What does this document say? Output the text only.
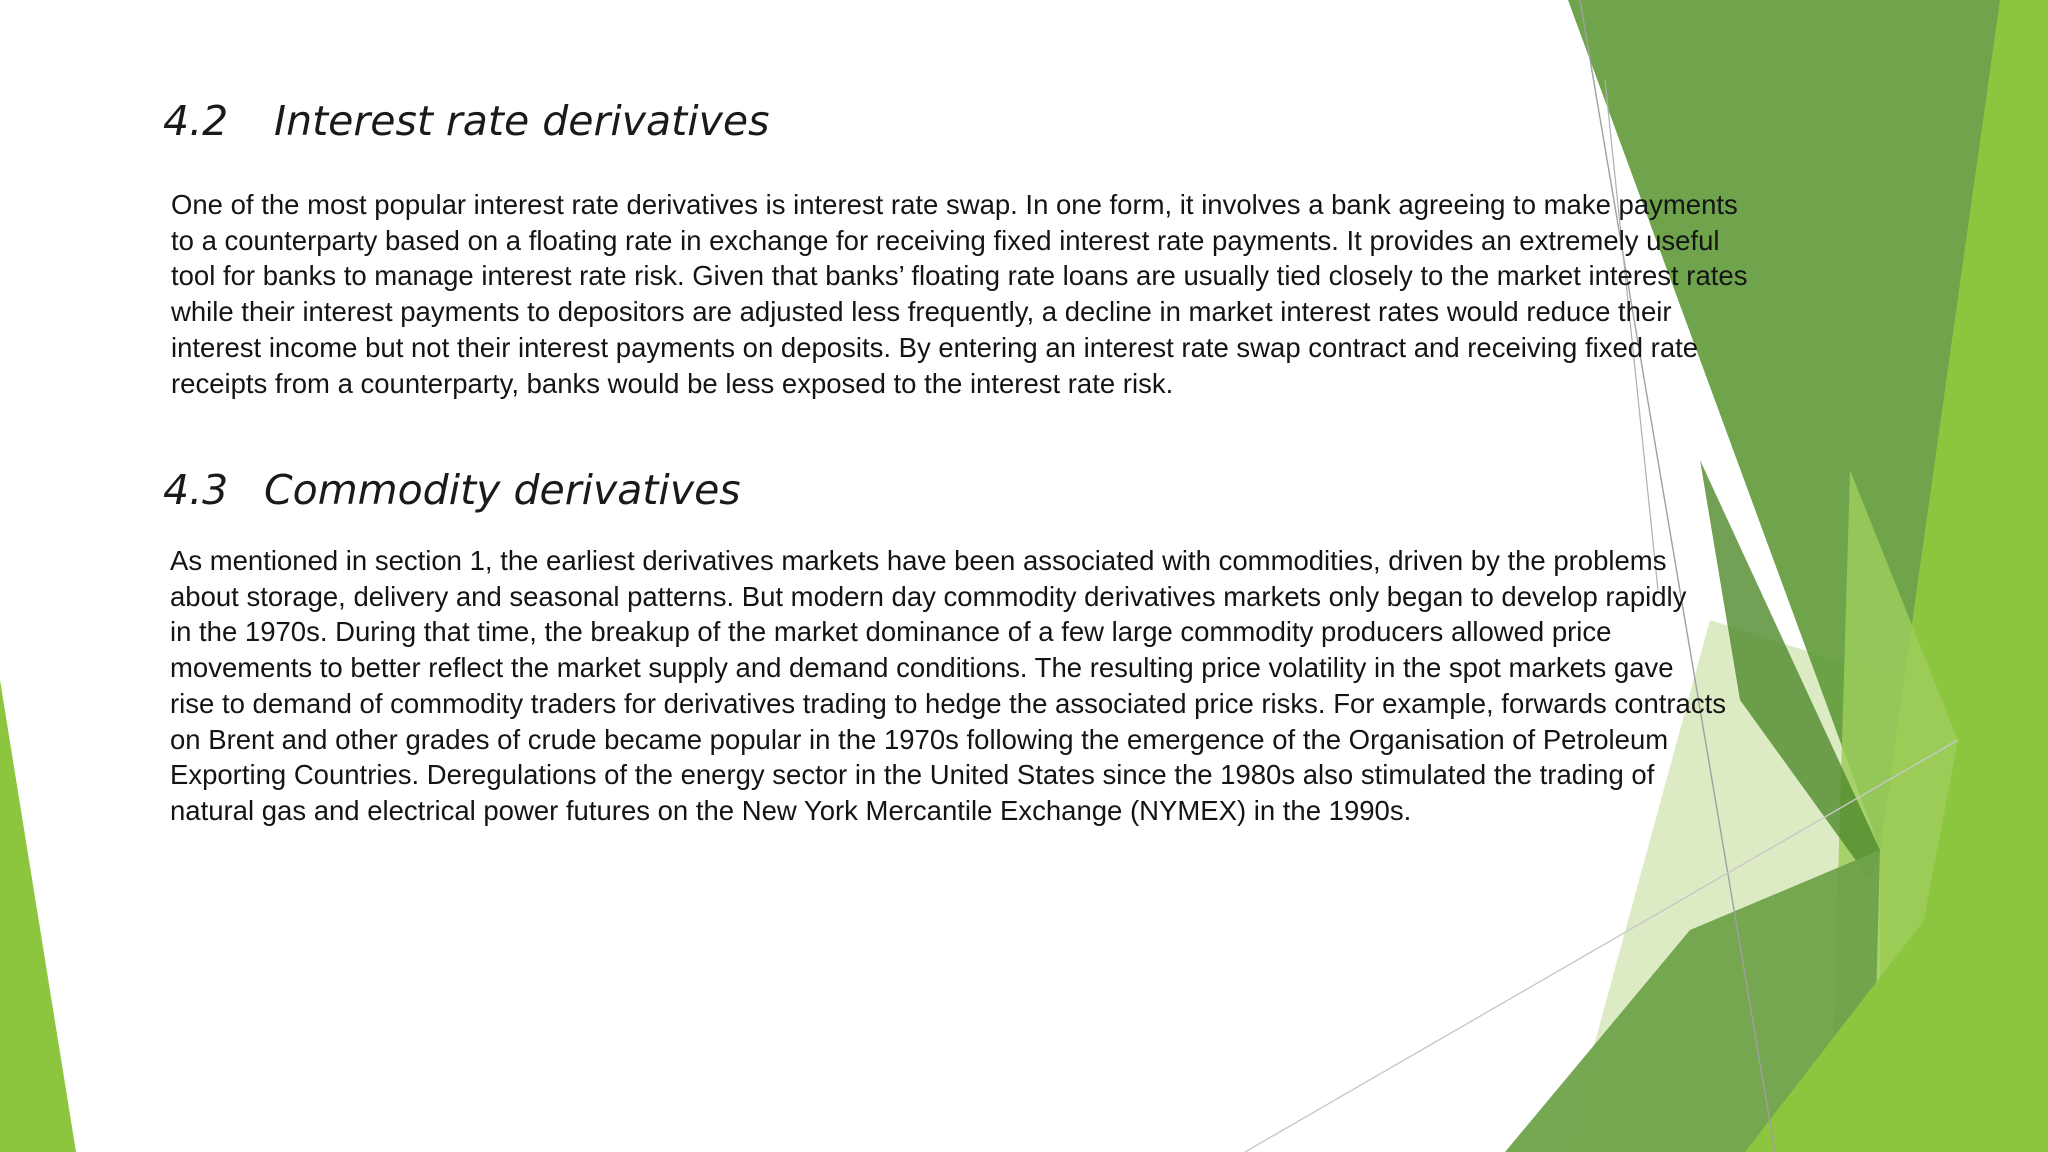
4.2 Interest rate derivatives

One of the most popular interest rate derivatives is interest rate swap. In one form, it involves a bank agreeing to make payments
to a counterparty based on a floating rate in exchange for receiving fixed interest rate payments. It provides an extremely useful
tool for banks to manage interest rate risk. Given that banks’ floating rate loans are usually tied closely to the market interest rates
while their interest payments to depositors are adjusted less frequently, a decline in market interest rates would reduce their
interest income but not their interest payments on deposits. By entering an interest rate swap contract and receiving fixed rate
receipts from a counterparty, banks would be less exposed to the interest rate risk.

4.3 Commodity derivatives

As mentioned in section 1, the earliest derivatives markets have been associated with commodities, driven by the problems
about storage, delivery and seasonal patterns. But modern day commodity derivatives markets only began to develop rapidly
in the 1970s. During that time, the breakup of the market dominance of a few large commodity producers allowed price
movements to better reflect the market supply and demand conditions. The resulting price volatility in the spot markets gave
rise to demand of commodity traders for derivatives trading to hedge the associated price risks. For example, forwards contracts
on Brent and other grades of crude became popular in the 1970s following the emergence of the Organisation of Petroleum
Exporting Countries. Deregulations of the energy sector in the United States since the 1980s also stimulated the trading of
natural gas and electrical power futures on the New York Mercantile Exchange (NYMEX) in the 1990s.
